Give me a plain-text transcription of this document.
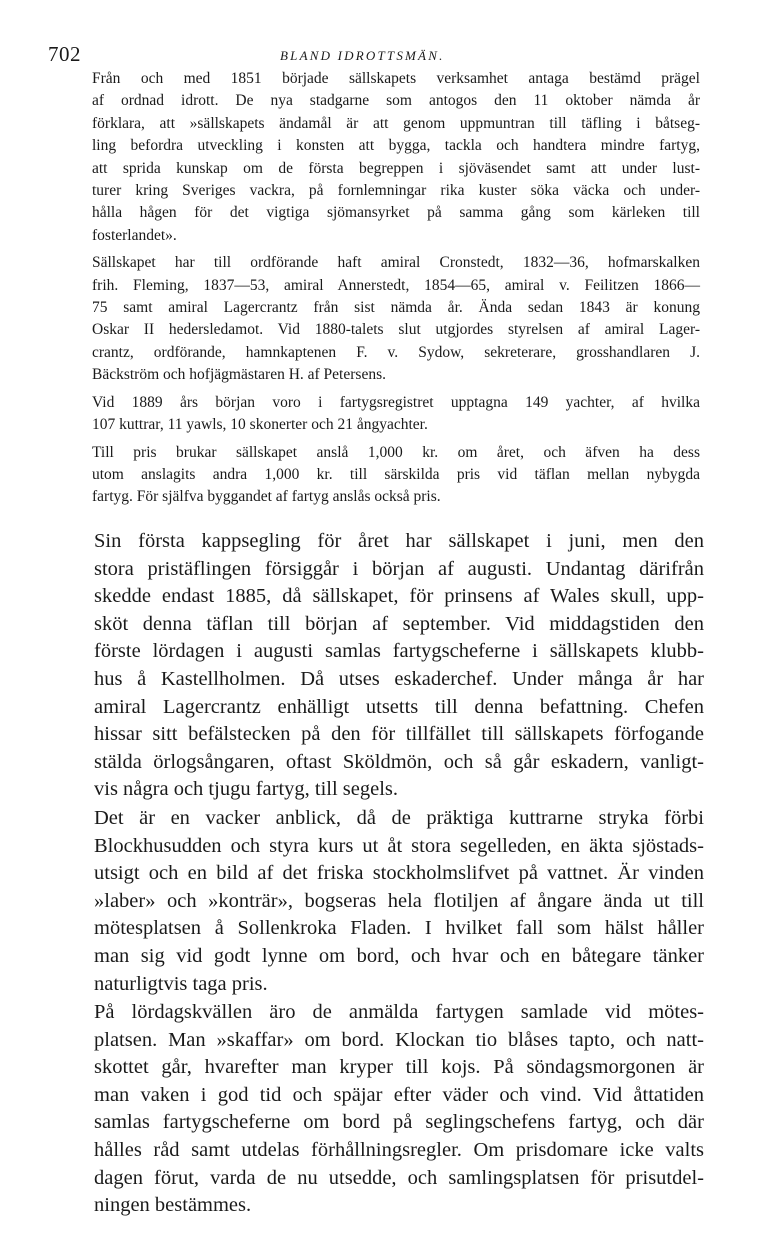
702	BLAND IDROTTSMÄN.

Från och med 1851 började sällskapets verksamhet antaga bestämd prägel
af ordnad idrott. De nya stadgarne som antogos den 11 oktober nämda år
förklara, att »sällskapets ändamål är att genom uppmuntran till täfling i båtseg-
ling befordra utveckling i konsten att bygga, tackla och handtera mindre fartyg,
att sprida kunskap om de första begreppen i sjöväsendet samt att under lust-
turer kring Sveriges vackra, på fornlemningar rika kuster söka väcka och under-
hålla hågen för det vigtiga sjömansyrket på samma gång som kärleken till
fosterlandet».

Sällskapet har till ordförande haft amiral Cronstedt, 1832—36, hofmarskalken
frih. Fleming, 1837—53, amiral Annerstedt, 1854—65, amiral v. Feilitzen 1866—
75 samt amiral Lagercrantz från sist nämda år. Ända sedan 1843 är konung
Oskar II hedersledamot. Vid 1880-talets slut utgjordes styrelsen af amiral Lager-
crantz, ordförande, hamnkaptenen F. v. Sydow, sekreterare, grosshandlaren J.
Bäckström och hofjägmästaren H. af Petersens.

Vid 1889 års början voro i fartygsregistret upptagna 149 yachter, af hvilka
107 kuttrar, 11 yawls, 10 skonerter och 21 ångyachter.

Till pris brukar sällskapet anslå 1,000 kr. om året, och äfven ha dess
utom anslagits andra 1,000 kr. till särskilda pris vid täflan mellan nybygda
fartyg. För själfva byggandet af fartyg anslås också pris.

Sin första kappsegling för året har sällskapet i juni, men den
stora pristäflingen försiggår i början af augusti. Undantag därifrån
skedde endast 1885, då sällskapet, för prinsens af Wales skull, upp-
sköt denna täflan till början af september. Vid middagstiden den
förste lördagen i augusti samlas fartygscheferne i sällskapets klubb-
hus å Kastellholmen. Då utses eskaderchef. Under många år har
amiral Lagercrantz enhälligt utsetts till denna befattning. Chefen
hissar sitt befälstecken på den för tillfället till sällskapets förfogande
stälda örlogsångaren, oftast Sköldmön, och så går eskadern, vanligt-
vis några och tjugu fartyg, till segels.

Det är en vacker anblick, då de präktiga kuttrarne stryka förbi
Blockhusudden och styra kurs ut åt stora segelleden, en äkta sjöstads-
utsigt och en bild af det friska stockholmslifvet på vattnet. Är vinden
»laber» och »konträr», bogseras hela flotiljen af ångare ända ut till
mötesplatsen å Sollenkroka Fladen. I hvilket fall som hälst håller
man sig vid godt lynne om bord, och hvar och en båtegare tänker
naturligtvis taga pris.

På lördagskvällen äro de anmälda fartygen samlade vid mötes-
platsen. Man »skaffar» om bord. Klockan tio blåses tapto, och natt-
skottet går, hvarefter man kryper till kojs. På söndagsmorgonen är
man vaken i god tid och späjar efter väder och vind. Vid åttatiden
samlas fartygscheferne om bord på seglingschefens fartyg, och där
hålles råd samt utdelas förhållningsregler. Om prisdomare icke valts
dagen förut, varda de nu utsedde, och samlingsplatsen för prisutdel-
ningen bestämmes.
